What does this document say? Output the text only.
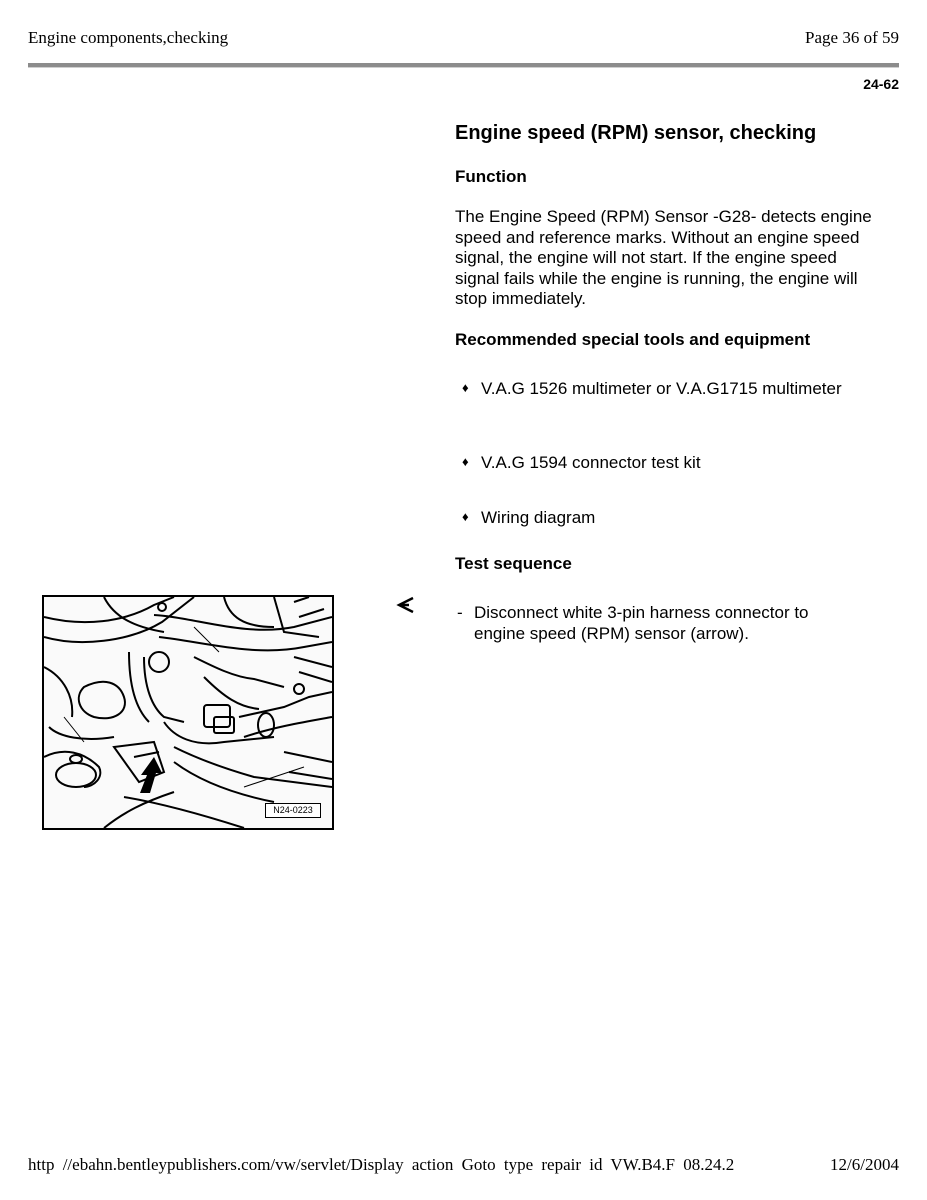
Engine components,checking	Page 36 of 59
24-62
Engine speed (RPM) sensor, checking
Function
The Engine Speed (RPM) Sensor -G28- detects engine speed and reference marks. Without an engine speed signal, the engine will not start. If the engine speed signal fails while the engine is running, the engine will stop immediately.
Recommended special tools and equipment
♦ V.A.G 1526 multimeter or V.A.G1715 multimeter
♦ V.A.G 1594 connector test kit
♦ Wiring diagram
Test sequence
- Disconnect white 3-pin harness connector to engine speed (RPM) sensor (arrow).
N24-0223
http //ebahn.bentleypublishers.com/vw/servlet/Display action Goto type repair id VW.B4.F 08.24.2	12/6/2004
